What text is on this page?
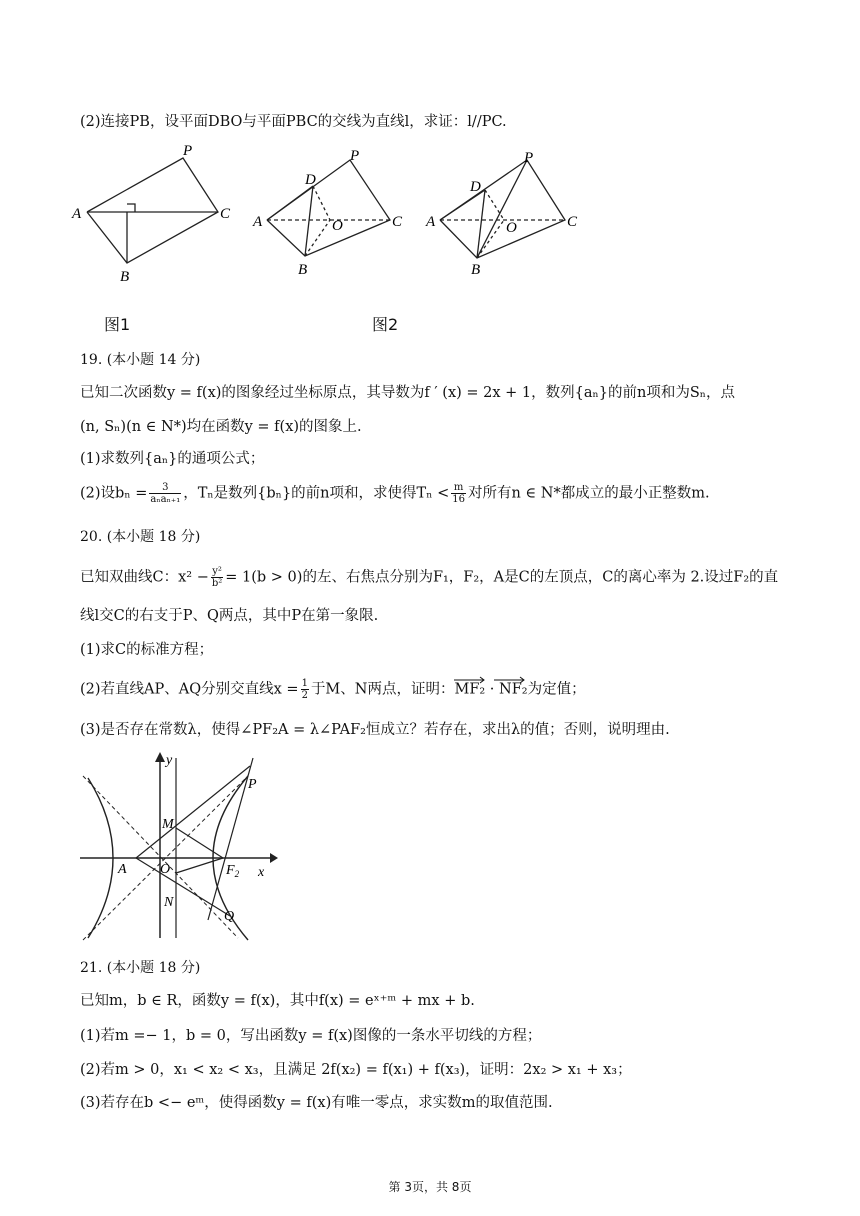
(2)连接PB，设平面DBO与平面PBC的交线为直线l，求证：l//PC.
P
A	C
B
P
D
A	O	C
B
P
D
A	O	C
B
图1	图2
19. (本小题 14 分)
已知二次函数y = f(x)的图象经过坐标原点，其导数为f ′ (x) = 2x + 1，数列{aₙ}的前n项和为Sₙ，点
(n, Sₙ)(n ∈ N*)均在函数y = f(x)的图象上.
(1)求数列{aₙ}的通项公式；
(2)设$b_n = \frac{3}{\text{aₙaₙ₊₁}}$ ，Tₙ是数列{bₙ}的前n项和，求使得$T_n < \frac{m}{16}$ 对所有n ∈ N*都成立的最小正整数m.
20. (本小题 18 分)
已知双曲线C：$x^2 - \frac{\text{y²}}{\text{b²}} = 1(b > 0)$的左、右焦点分别为F₁，F₂，A是C的左顶点，C的离心率为 2.设过F₂的直
线l交C的右支于P、Q两点，其中P在第一象限.
(1)求C的标准方程；
(2)若直线AP、AQ分别交直线$x = \frac{1}{2}$ 于M、N两点，证明：MF₂ · NF₂为定值；
(3)是否存在常数λ，使得∠PF₂A = λ∠PAF₂恒成立？若存在，求出λ的值；否则，说明理由.
y
x
P
M
A O	$F_2$
N
Q
21. (本小题 18 分)
已知m，b ∈ R，函数y = f(x)，其中f(x) = eˣ⁺ᵐ + mx + b.
(1)若m =− 1，b = 0，写出函数y = f(x)图像的一条水平切线的方程；
(2)若m > 0，x₁ < x₂ < x₃，且满足 2f(x₂) = f(x₁) + f(x₃)，证明：2x₂ > x₁ + x₃；
(3)若存在b <− eᵐ，使得函数y = f(x)有唯一零点，求实数m的取值范围.
第 3页，共 8页
